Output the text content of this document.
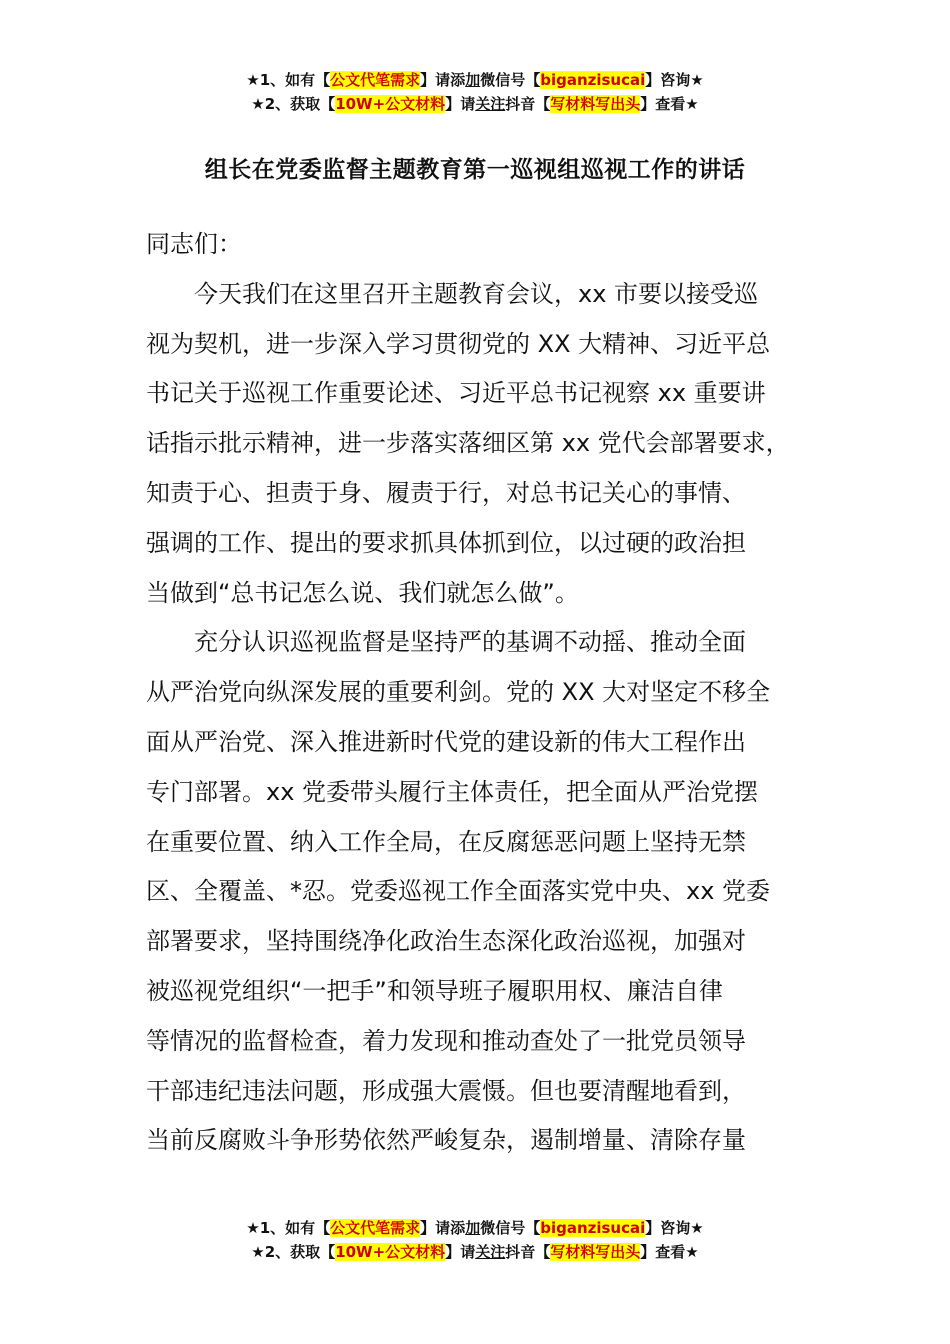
★1、如有【公文代笔需求】请添加微信号【biganzisucai】咨询★
★2、获取【10W+公文材料】请关注抖音【写材料写出头】查看★
组长在党委监督主题教育第一巡视组巡视工作的讲话
同志们：
今天我们在这里召开主题教育会议，xx 市要以接受巡
视为契机，进一步深入学习贯彻党的 XX 大精神、习近平总
书记关于巡视工作重要论述、习近平总书记视察 xx 重要讲
话指示批示精神，进一步落实落细区第 xx 党代会部署要求，
知责于心、担责于身、履责于行，对总书记关心的事情、
强调的工作、提出的要求抓具体抓到位，以过硬的政治担
当做到“总书记怎么说、我们就怎么做”。
充分认识巡视监督是坚持严的基调不动摇、推动全面
从严治党向纵深发展的重要利剑。党的 XX 大对坚定不移全
面从严治党、深入推进新时代党的建设新的伟大工程作出
专门部署。xx 党委带头履行主体责任，把全面从严治党摆
在重要位置、纳入工作全局，在反腐惩恶问题上坚持无禁
区、全覆盖、*忍。党委巡视工作全面落实党中央、xx 党委
部署要求，坚持围绕净化政治生态深化政治巡视，加强对
被巡视党组织“一把手”和领导班子履职用权、廉洁自律
等情况的监督检查，着力发现和推动查处了一批党员领导
干部违纪违法问题，形成强大震慑。但也要清醒地看到，
当前反腐败斗争形势依然严峻复杂，遏制增量、清除存量
★1、如有【公文代笔需求】请添加微信号【biganzisucai】咨询★
★2、获取【10W+公文材料】请关注抖音【写材料写出头】查看★
